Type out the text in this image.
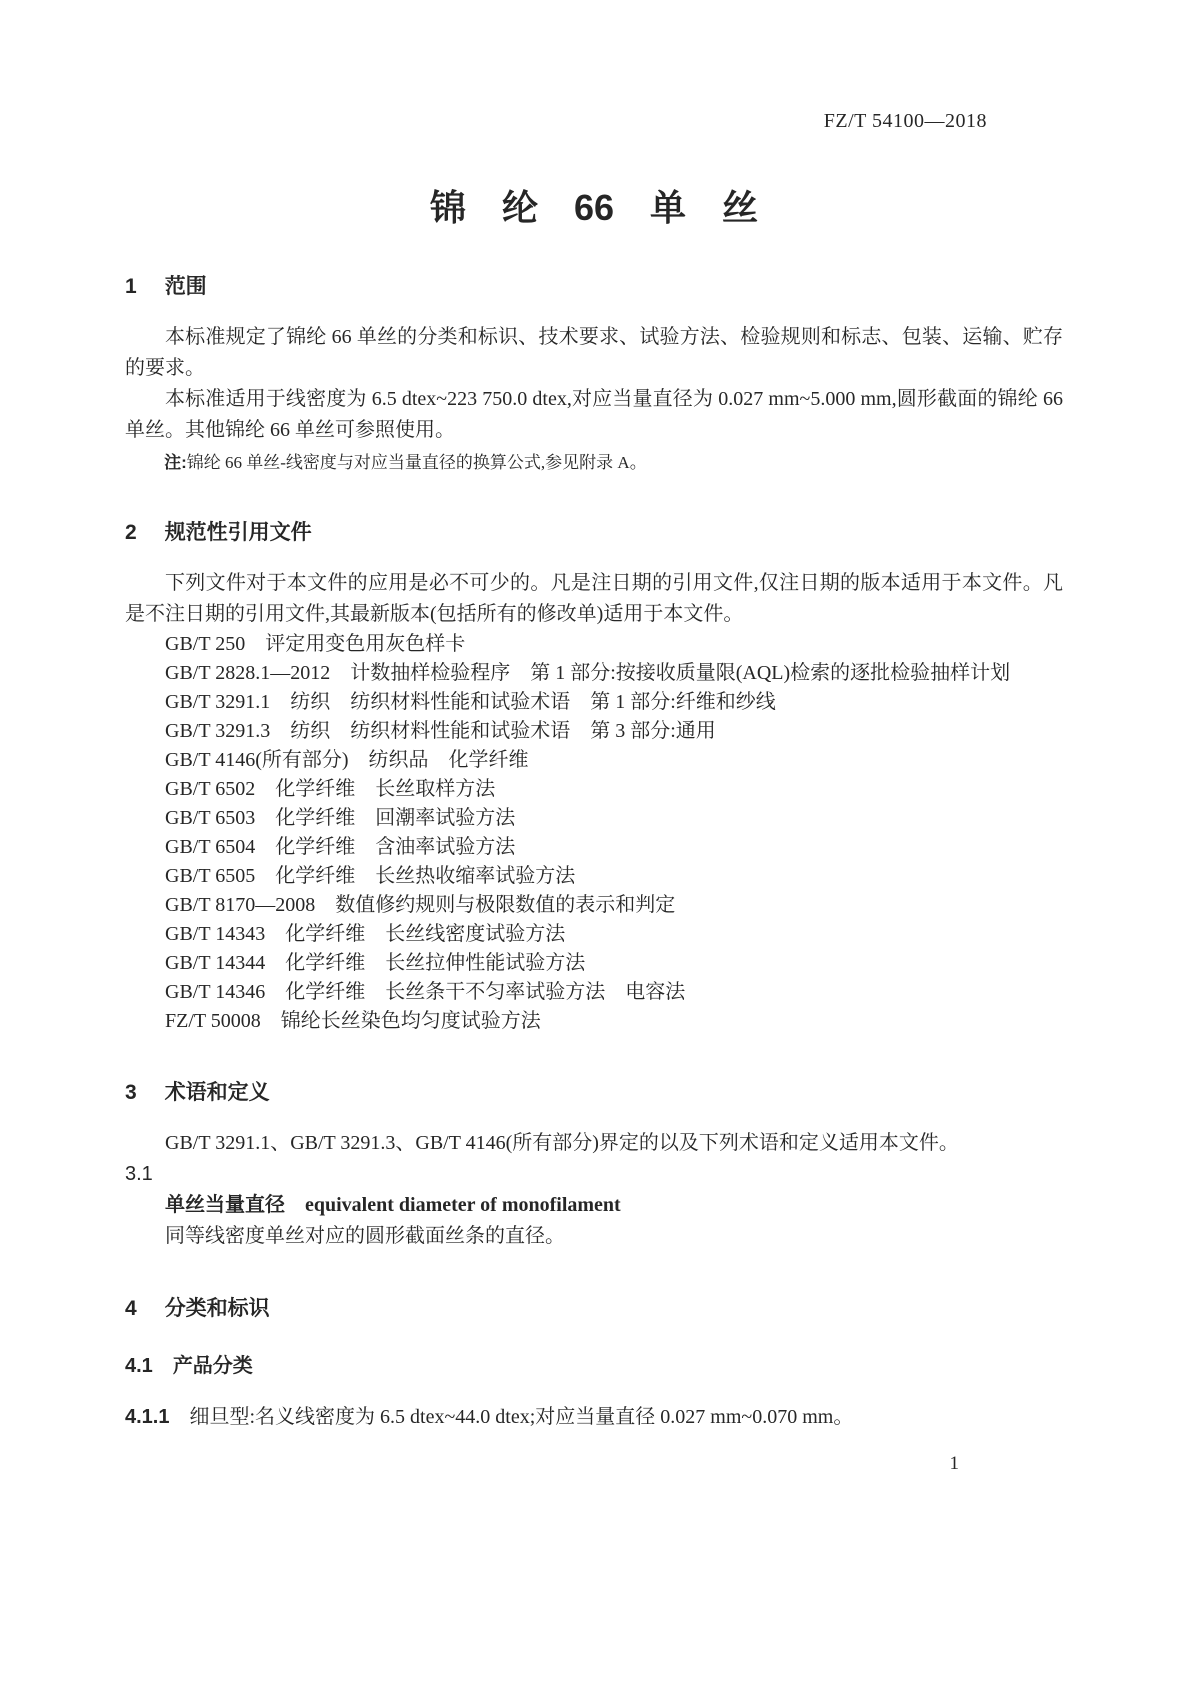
FZ/T 54100—2018
锦　纶　66　单　丝
1 范围

本标准规定了锦纶 66 单丝的分类和标识、技术要求、试验方法、检验规则和标志、包装、运输、贮存的要求。

本标准适用于线密度为 6.5 dtex~223 750.0 dtex,对应当量直径为 0.027 mm~5.000 mm,圆形截面的锦纶 66 单丝。其他锦纶 66 单丝可参照使用。

注:锦纶 66 单丝-线密度与对应当量直径的换算公式,参见附录 A。

2 规范性引用文件

下列文件对于本文件的应用是必不可少的。凡是注日期的引用文件,仅注日期的版本适用于本文件。凡是不注日期的引用文件,其最新版本(包括所有的修改单)适用于本文件。

GB/T 250　评定用变色用灰色样卡

GB/T 2828.1—2012　计数抽样检验程序　第 1 部分:按接收质量限(AQL)检索的逐批检验抽样计划

GB/T 3291.1　纺织　纺织材料性能和试验术语　第 1 部分:纤维和纱线

GB/T 3291.3　纺织　纺织材料性能和试验术语　第 3 部分:通用

GB/T 4146(所有部分)　纺织品　化学纤维

GB/T 6502　化学纤维　长丝取样方法

GB/T 6503　化学纤维　回潮率试验方法

GB/T 6504　化学纤维　含油率试验方法

GB/T 6505　化学纤维　长丝热收缩率试验方法

GB/T 8170—2008　数值修约规则与极限数值的表示和判定

GB/T 14343　化学纤维　长丝线密度试验方法

GB/T 14344　化学纤维　长丝拉伸性能试验方法

GB/T 14346　化学纤维　长丝条干不匀率试验方法　电容法

FZ/T 50008　锦纶长丝染色均匀度试验方法

3 术语和定义

GB/T 3291.1、GB/T 3291.3、GB/T 4146(所有部分)界定的以及下列术语和定义适用本文件。

3.1

单丝当量直径 equivalent diameter of monofilament

同等线密度单丝对应的圆形截面丝条的直径。

4 分类和标识
4.1 产品分类

4.1.1 细旦型:名义线密度为 6.5 dtex~44.0 dtex;对应当量直径 0.027 mm~0.070 mm。

1
